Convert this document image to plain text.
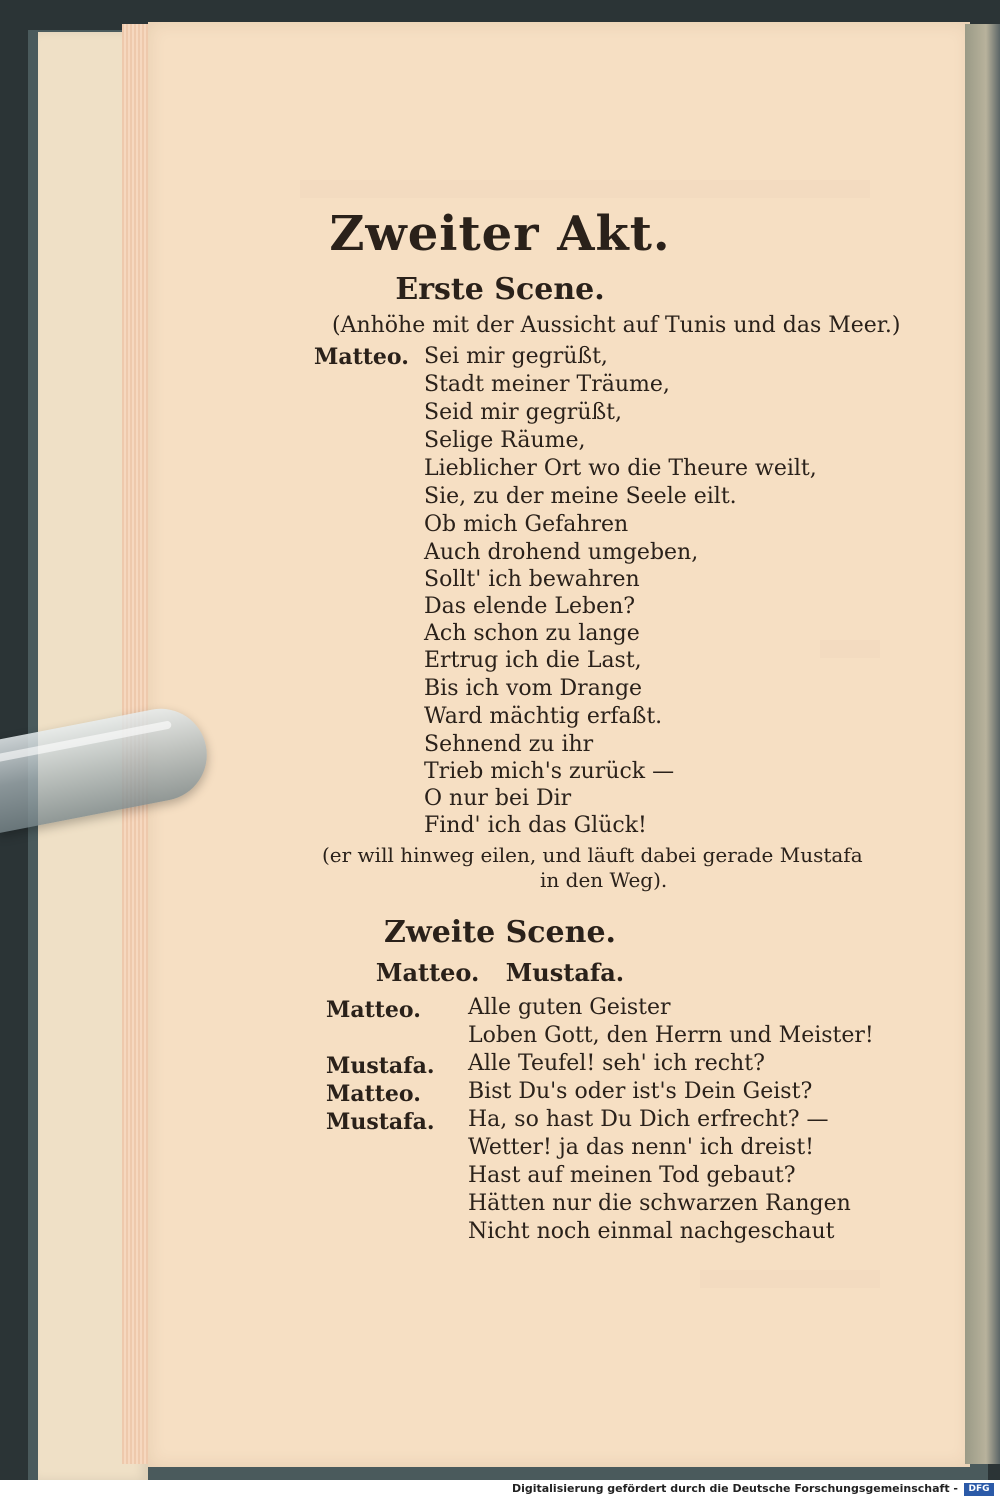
Zweiter Akt.
Erste Scene.
(Anhöhe mit der Aussicht auf Tunis und das Meer.)
Matteo. Sei mir gegrüßt,
Stadt meiner Träume,
Seid mir gegrüßt,
Selige Räume,
Lieblicher Ort wo die Theure weilt,
Sie, zu der meine Seele eilt.
Ob mich Gefahren
Auch drohend umgeben,
Sollt' ich bewahren
Das elende Leben?
Ach schon zu lange
Ertrug ich die Last,
Bis ich vom Drange
Ward mächtig erfaßt.
Sehnend zu ihr
Trieb mich's zurück —
O nur bei Dir
Find' ich das Glück!
(er will hinweg eilen, und läuft dabei gerade Mustafa
in den Weg).
Zweite Scene.
Matteo. Mustafa.
Matteo. Alle guten Geister
Loben Gott, den Herrn und Meister!
Mustafa. Alle Teufel! seh' ich recht?
Matteo. Bist Du's oder ist's Dein Geist?
Mustafa. Ha, so hast Du Dich erfrecht? —
Wetter! ja das nenn' ich dreist!
Hast auf meinen Tod gebaut?
Hätten nur die schwarzen Rangen
Nicht noch einmal nachgeschaut
Digitalisierung gefördert durch die Deutsche Forschungsgemeinschaft -	DFG
